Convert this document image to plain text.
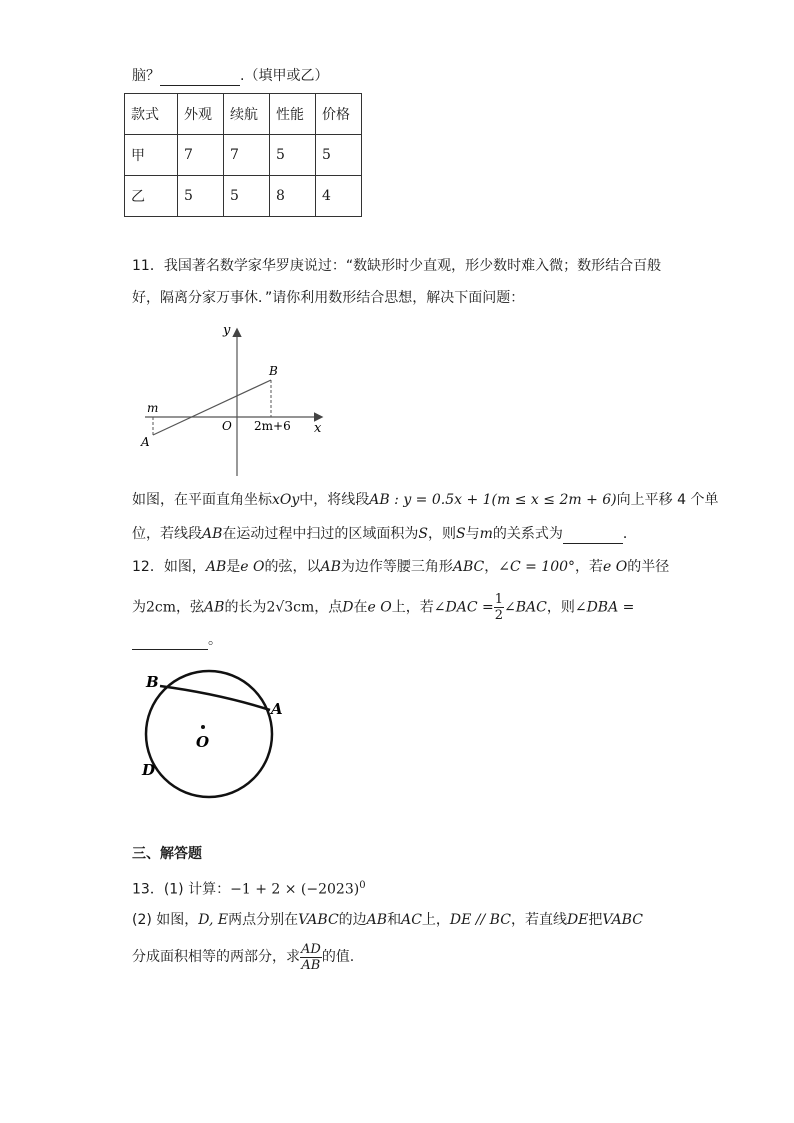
脑？	.（填甲或乙）
款式	外观	续航	性能	价格
甲	7	7	5	5
乙	5	5	8	4
11．我国著名数学家华罗庚说过：“数缺形时少直观，形少数时难入微；数形结合百般
好，隔离分家万事休．”请你利用数形结合思想，解决下面问题：
y
x
O
m
A
B
2m+6
如图，在平面直角坐标xOy中，将线段AB : y = 0.5x + 1(m ≤ x ≤ 2m + 6)向上平移 4 个单
位，若线段AB在运动过程中扫过的区域面积为S，则S与m的关系式为	．
12．如图，AB是e O的弦，以AB为边作等腰三角形ABC，∠C = 100°，若e O的半径
为2cm，弦AB的长为2√3cm，点D在e O上，若∠DAC = $\frac{1}{2}$ ∠BAC，则∠DBA =
。
B
A
O
D
三、解答题
13．(1) 计算：$-1 + 2 \times (-2023)^0$
(2) 如图，D, E两点分别在VABC的边AB和AC上，DE // BC，若直线DE把VABC
分成面积相等的两部分，求 $\frac{AD}{AB}$ 的值.
